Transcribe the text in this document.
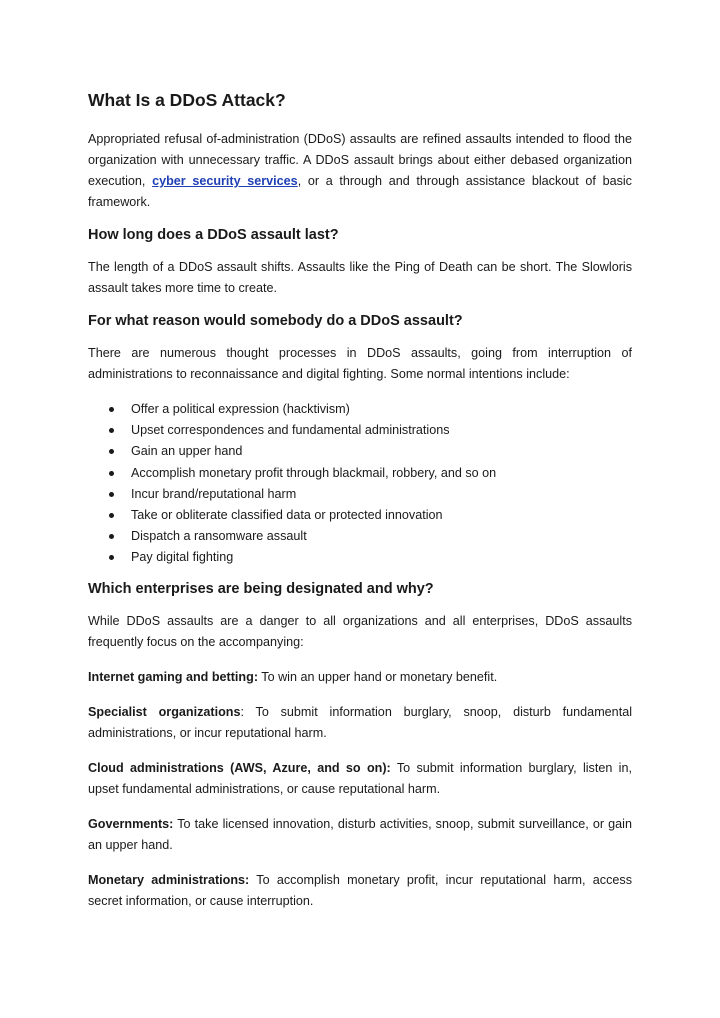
What Is a DDoS Attack?

Appropriated refusal of-administration (DDoS) assaults are refined assaults intended to flood the organization with unnecessary traffic. A DDoS assault brings about either debased organization execution, cyber security services, or a through and through assistance blackout of basic framework.

How long does a DDoS assault last?

The length of a DDoS assault shifts. Assaults like the Ping of Death can be short. The Slowloris assault takes more time to create.

For what reason would somebody do a DDoS assault?

There are numerous thought processes in DDoS assaults, going from interruption of administrations to reconnaissance and digital fighting. Some normal intentions include:

Offer a political expression (hacktivism)
Upset correspondences and fundamental administrations
Gain an upper hand
Accomplish monetary profit through blackmail, robbery, and so on
Incur brand/reputational harm
Take or obliterate classified data or protected innovation
Dispatch a ransomware assault
Pay digital fighting
Which enterprises are being designated and why?

While DDoS assaults are a danger to all organizations and all enterprises, DDoS assaults frequently focus on the accompanying:

Internet gaming and betting: To win an upper hand or monetary benefit.

Specialist organizations: To submit information burglary, snoop, disturb fundamental administrations, or incur reputational harm.

Cloud administrations (AWS, Azure, and so on): To submit information burglary, listen in, upset fundamental administrations, or cause reputational harm.

Governments: To take licensed innovation, disturb activities, snoop, submit surveillance, or gain an upper hand.

Monetary administrations: To accomplish monetary profit, incur reputational harm, access secret information, or cause interruption.
